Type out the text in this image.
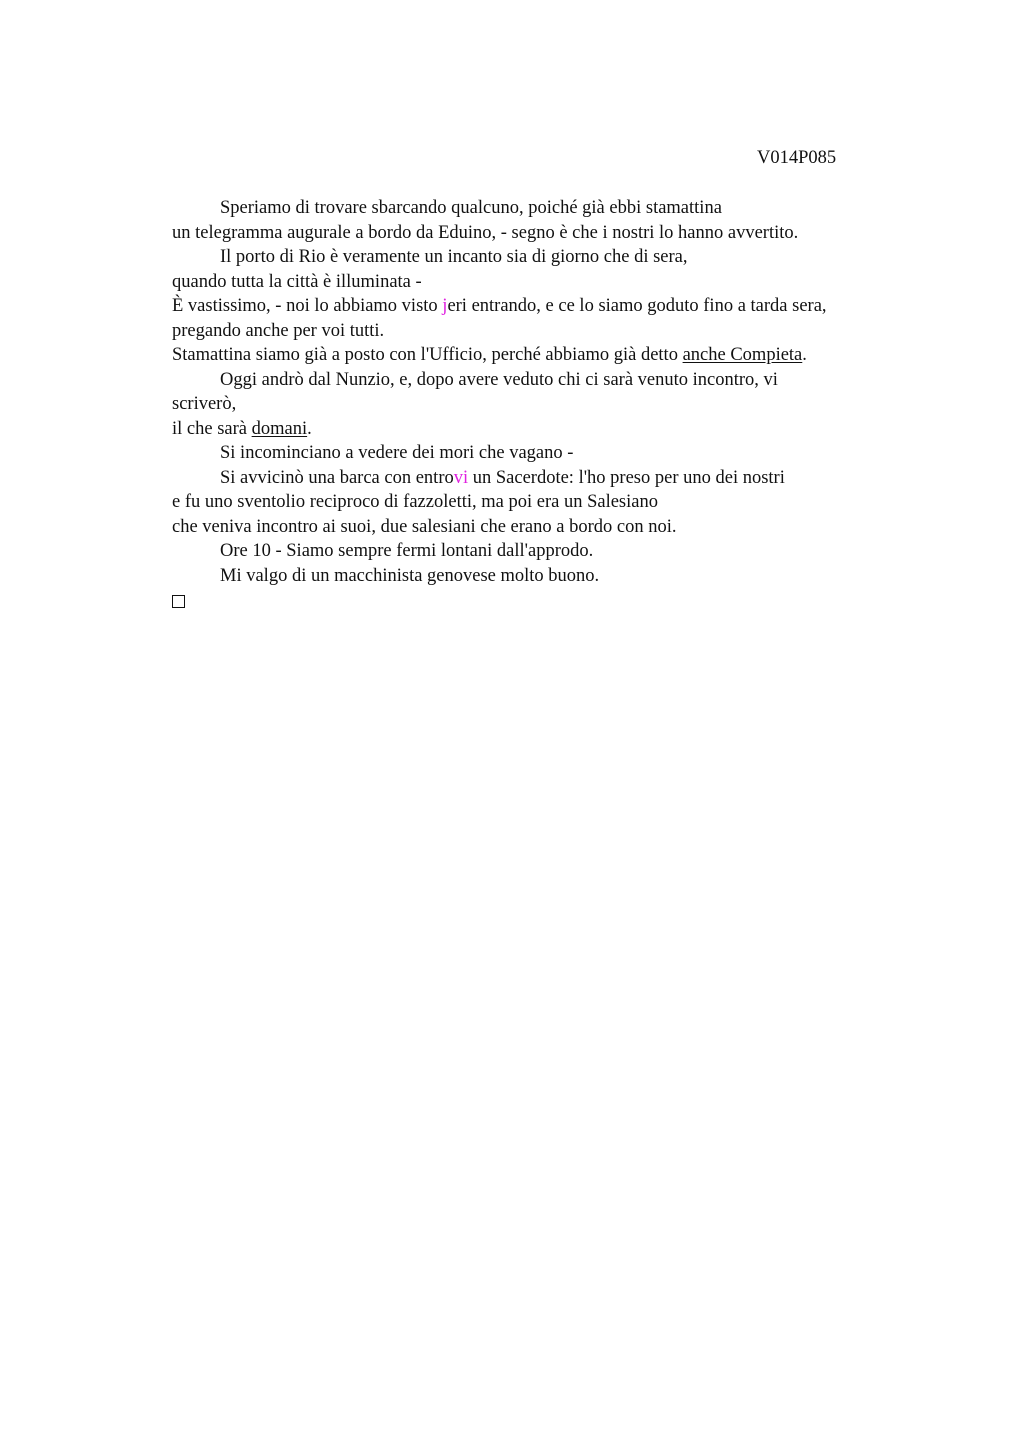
V014P085
Speriamo di trovare sbarcando qualcuno, poiché già ebbi stamattina
un telegramma augurale a bordo da Eduino, - segno è che i nostri lo hanno avvertito.
Il porto di Rio è veramente un incanto sia di giorno che di sera,
quando tutta la città è illuminata -
È vastissimo, - noi lo abbiamo visto jeri entrando, e ce lo siamo goduto fino a tarda sera,
pregando anche per voi tutti.
Stamattina siamo già a posto con l'Ufficio, perché abbiamo già detto anche Compieta.
Oggi andrò dal Nunzio, e, dopo avere veduto chi ci sarà venuto incontro, vi
scriverò,
il che sarà domani.
Si incominciano a vedere dei mori che vagano -
Si avvicinò una barca con entrovi un Sacerdote: l'ho preso per uno dei nostri
e fu uno sventolio reciproco di fazzoletti, ma poi era un Salesiano
che veniva incontro ai suoi, due salesiani che erano a bordo con noi.
Ore 10 - Siamo sempre fermi lontani dall'approdo.
Mi valgo di un macchinista genovese molto buono.
